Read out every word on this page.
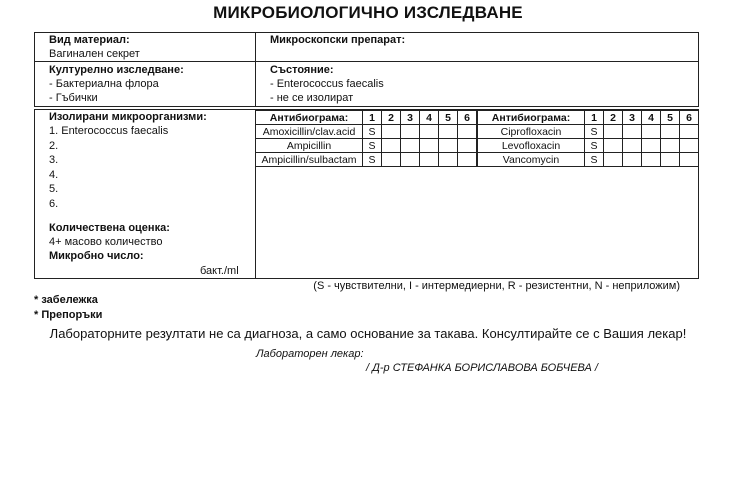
МИКРОБИОЛОГИЧНО ИЗСЛЕДВАНЕ
Вид материал:
Вагинален секрет
Микроскопски препарат:
Културелно изследване:
- Бактериална флора
- Гъбички
Състояние:
- Enterococcus faecalis
- не се изолират
Изолирани микроорганизми:
1. Enterococcus faecalis
2.
3.
4.
5.
6.
Количествена оценка:
4+ масово количество
Микробно число:
бакт./ml
Антибиограма:	1	2	3	4	5	6
Amoxicillin/clav.acid	S					
Ampicillin	S					
Ampicillin/sulbactam	S					
Антибиограма:	1	2	3	4	5	6
Ciprofloxacin	S					
Levofloxacin	S					
Vancomycin	S					
(S - чувствителни, I - интермедиерни, R - резистентни, N - неприложим)
* забележка
* Препоръки
Лабораторните резултати не са диагноза, а само основание за такава. Консултирайте се с Вашия лекар!
Лабораторен лекар:
/ Д-р СТЕФАНКА БОРИСЛАВОВА БОБЧЕВА /
